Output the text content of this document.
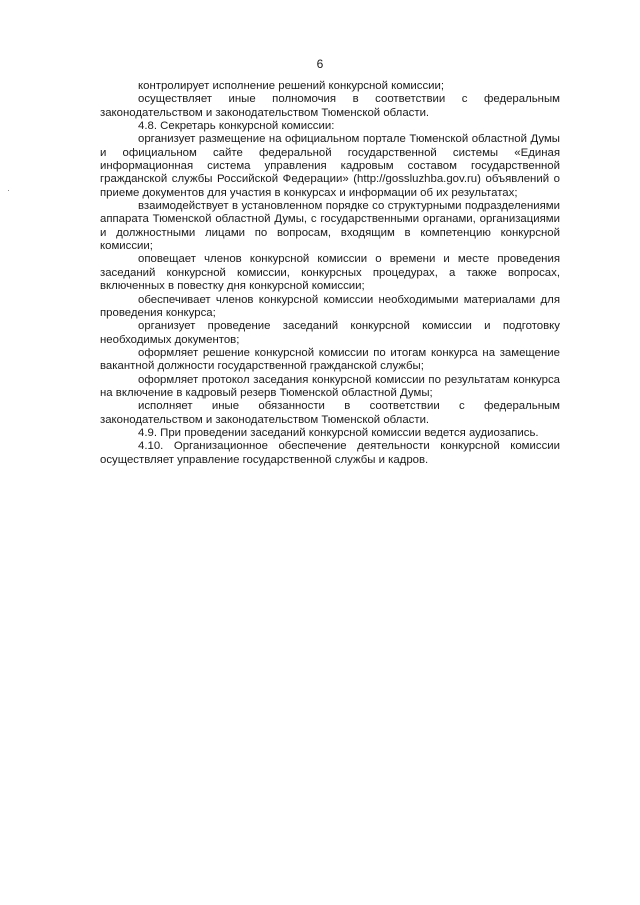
6

контролирует исполнение решений конкурсной комиссии;

осуществляет иные полномочия в соответствии с федеральным законодательством и законодательством Тюменской области.

4.8. Секретарь конкурсной комиссии:

организует размещение на официальном портале Тюменской областной Думы и официальном сайте федеральной государственной системы «Единая информационная система управления кадровым составом государственной гражданской службы Российской Федерации» (http://gossluzhba.gov.ru) объявлений о приеме документов для участия в конкурсах и информации об их результатах;

взаимодействует в установленном порядке со структурными подразделениями аппарата Тюменской областной Думы, с государственными органами, организациями и должностными лицами по вопросам, входящим в компетенцию конкурсной комиссии;

оповещает членов конкурсной комиссии о времени и месте проведения заседаний конкурсной комиссии, конкурсных процедурах, а также вопросах, включенных в повестку дня конкурсной комиссии;

обеспечивает членов конкурсной комиссии необходимыми материалами для проведения конкурса;

организует проведение заседаний конкурсной комиссии и подготовку необходимых документов;

оформляет решение конкурсной комиссии по итогам конкурса на замещение вакантной должности государственной гражданской службы;

оформляет протокол заседания конкурсной комиссии по результатам конкурса на включение в кадровый резерв Тюменской областной Думы;

исполняет иные обязанности в соответствии с федеральным законодательством и законодательством Тюменской области.

4.9. При проведении заседаний конкурсной комиссии ведется аудиозапись.

4.10. Организационное обеспечение деятельности конкурсной комиссии осуществляет управление государственной службы и кадров.
